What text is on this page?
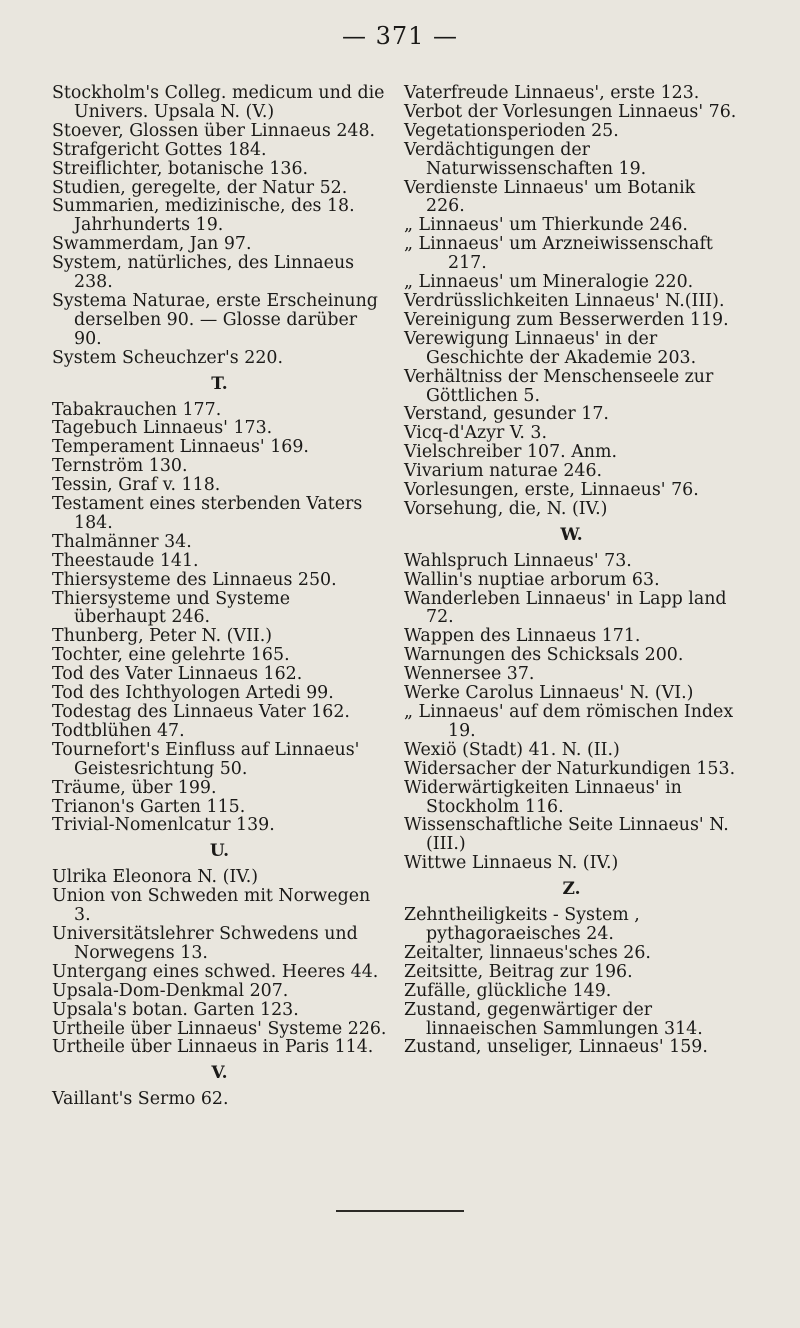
— 371 —
Stockholm's Colleg. medicum und die Univers. Upsala N. (V.)
Stoever, Glossen über Linnaeus 248.
Strafgericht Gottes 184.
Streiflichter, botanische 136.
Studien, geregelte, der Natur 52.
Summarien, medizinische, des 18. Jahrhunderts 19.
Swammerdam, Jan 97.
System, natürliches, des Linnaeus 238.
Systema Naturae, erste Erscheinung derselben 90. — Glosse darüber 90.
System Scheuchzer's 220.
T.
Tabakrauchen 177.
Tagebuch Linnaeus' 173.
Temperament Linnaeus' 169.
Ternström 130.
Tessin, Graf v. 118.
Testament eines sterbenden Vaters 184.
Thalmänner 34.
Theestaude 141.
Thiersysteme des Linnaeus 250.
Thiersysteme und Systeme überhaupt 246.
Thunberg, Peter N. (VII.)
Tochter, eine gelehrte 165.
Tod des Vater Linnaeus 162.
Tod des Ichthyologen Artedi 99.
Todestag des Linnaeus Vater 162.
Todtblühen 47.
Tournefort's Einfluss auf Linnaeus' Geistesrichtung 50.
Träume, über 199.
Trianon's Garten 115.
Trivial-Nomenlcatur 139.
U.
Ulrika Eleonora N. (IV.)
Union von Schweden mit Norwegen 3.
Universitätslehrer Schwedens und Norwegens 13.
Untergang eines schwed. Heeres 44.
Upsala-Dom-Denkmal 207.
Upsala's botan. Garten 123.
Urtheile über Linnaeus' Systeme 226.
Urtheile über Linnaeus in Paris 114.
V.
Vaillant's Sermo 62.
Vaterfreude Linnaeus', erste 123.
Verbot der Vorlesungen Linnaeus' 76.
Vegetationsperioden 25.
Verdächtigungen der Naturwissenschaften 19.
Verdienste Linnaeus' um Botanik 226.
„ Linnaeus' um Thierkunde 246.
„ Linnaeus' um Arzneiwissenschaft 217.
„ Linnaeus' um Mineralogie 220.
Verdrüsslichkeiten Linnaeus' N.(III).
Vereinigung zum Besserwerden 119.
Verewigung Linnaeus' in der Geschichte der Akademie 203.
Verhältniss der Menschenseele zur Göttlichen 5.
Verstand, gesunder 17.
Vicq-d'Azyr V. 3.
Vielschreiber 107. Anm.
Vivarium naturae 246.
Vorlesungen, erste, Linnaeus' 76.
Vorsehung, die, N. (IV.)
W.
Wahlspruch Linnaeus' 73.
Wallin's nuptiae arborum 63.
Wanderleben Linnaeus' in Lapp land 72.
Wappen des Linnaeus 171.
Warnungen des Schicksals 200.
Wennersee 37.
Werke Carolus Linnaeus' N. (VI.)
„ Linnaeus' auf dem römischen Index 19.
Wexiö (Stadt) 41. N. (II.)
Widersacher der Naturkundigen 153.
Widerwärtigkeiten Linnaeus' in Stockholm 116.
Wissenschaftliche Seite Linnaeus' N. (III.)
Wittwe Linnaeus N. (IV.)
Z.
Zehntheiligkeits - System , pythagoraeisches 24.
Zeitalter, linnaeus'sches 26.
Zeitsitte, Beitrag zur 196.
Zufälle, glückliche 149.
Zustand, gegenwärtiger der linnaeischen Sammlungen 314.
Zustand, unseliger, Linnaeus' 159.
